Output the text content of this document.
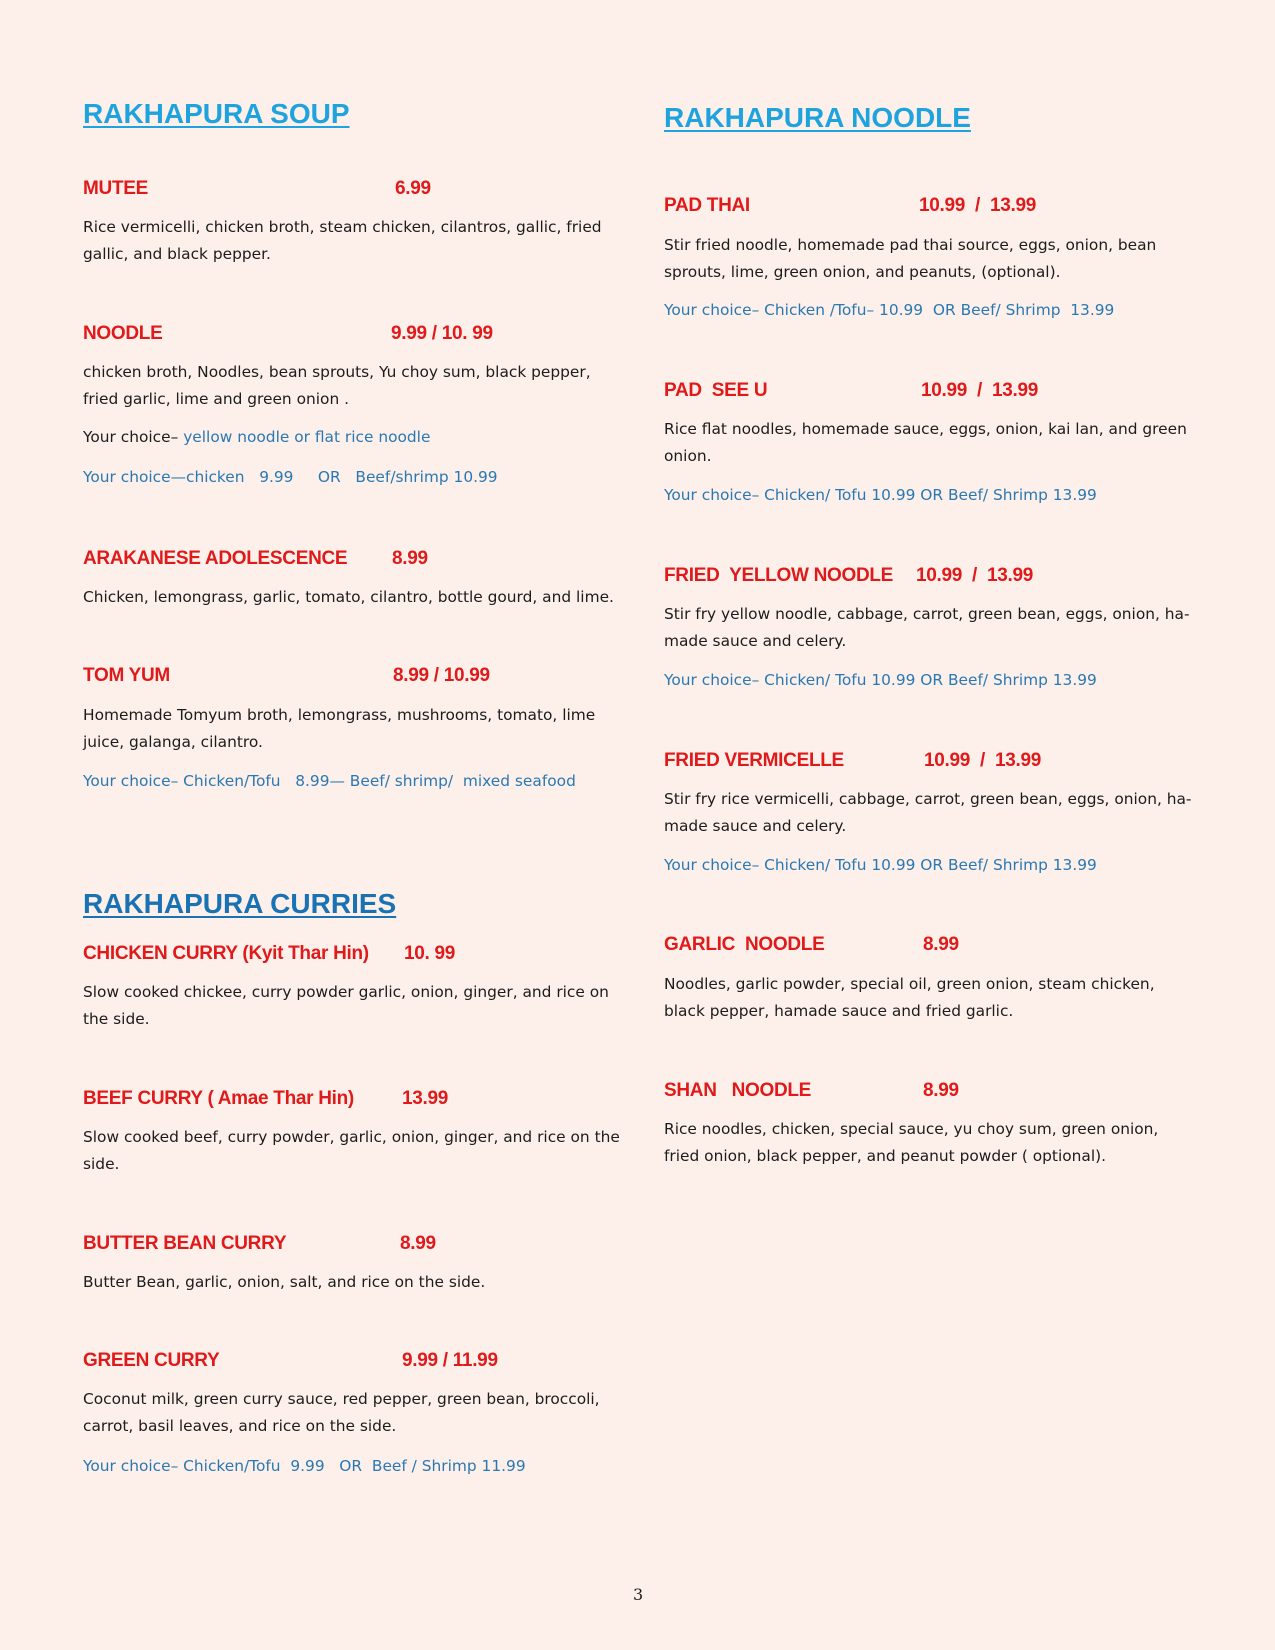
RAKHAPURA SOUP
MUTEE	6.99
Rice vermicelli, chicken broth, steam chicken, cilantros, gallic, fried gallic, and black pepper.
NOODLE	9.99 / 10. 99
chicken broth, Noodles, bean sprouts, Yu choy sum, black pepper, fried garlic, lime and green onion .
Your choice– yellow noodle or flat rice noodle
Your choice—chicken   9.99     OR   Beef/shrimp 10.99
ARAKANESE ADOLESCENCE 8.99
Chicken, lemongrass, garlic, tomato, cilantro, bottle gourd, and lime.
TOM YUM	8.99 / 10.99
Homemade Tomyum broth, lemongrass, mushrooms, tomato, lime juice, galanga, cilantro.
Your choice– Chicken/Tofu   8.99— Beef/ shrimp/  mixed seafood
RAKHAPURA CURRIES
CHICKEN CURRY (Kyit Thar Hin) 10. 99
Slow cooked chickee, curry powder garlic, onion, ginger, and rice on the side.
BEEF CURRY ( Amae Thar Hin)	13.99
Slow cooked beef, curry powder, garlic, onion, ginger, and rice on the side.
BUTTER BEAN CURRY	8.99
Butter Bean, garlic, onion, salt, and rice on the side.
GREEN CURRY	9.99 / 11.99
Coconut milk, green curry sauce, red pepper, green bean, broccoli, carrot, basil leaves, and rice on the side.
Your choice– Chicken/Tofu  9.99   OR  Beef / Shrimp 11.99
RAKHAPURA NOODLE
PAD THAI	10.99  /  13.99
Stir fried noodle, homemade pad thai source, eggs, onion, bean sprouts, lime, green onion, and peanuts, (optional).
Your choice– Chicken /Tofu– 10.99  OR Beef/ Shrimp  13.99
PAD  SEE U	10.99  /  13.99
Rice flat noodles, homemade sauce, eggs, onion, kai lan, and green onion.
Your choice– Chicken/ Tofu 10.99 OR Beef/ Shrimp 13.99
FRIED  YELLOW NOODLE 10.99  /  13.99
Stir fry yellow noodle, cabbage, carrot, green bean, eggs, onion, ha-made sauce and celery.
Your choice– Chicken/ Tofu 10.99 OR Beef/ Shrimp 13.99
FRIED VERMICELLE	10.99  /  13.99
Stir fry rice vermicelli, cabbage, carrot, green bean, eggs, onion, ha-made sauce and celery.
Your choice– Chicken/ Tofu 10.99 OR Beef/ Shrimp 13.99
GARLIC  NOODLE	8.99
Noodles, garlic powder, special oil, green onion, steam chicken, black pepper, hamade sauce and fried garlic.
SHAN   NOODLE	8.99
Rice noodles, chicken, special sauce, yu choy sum, green onion, fried onion, black pepper, and peanut powder ( optional).
3
